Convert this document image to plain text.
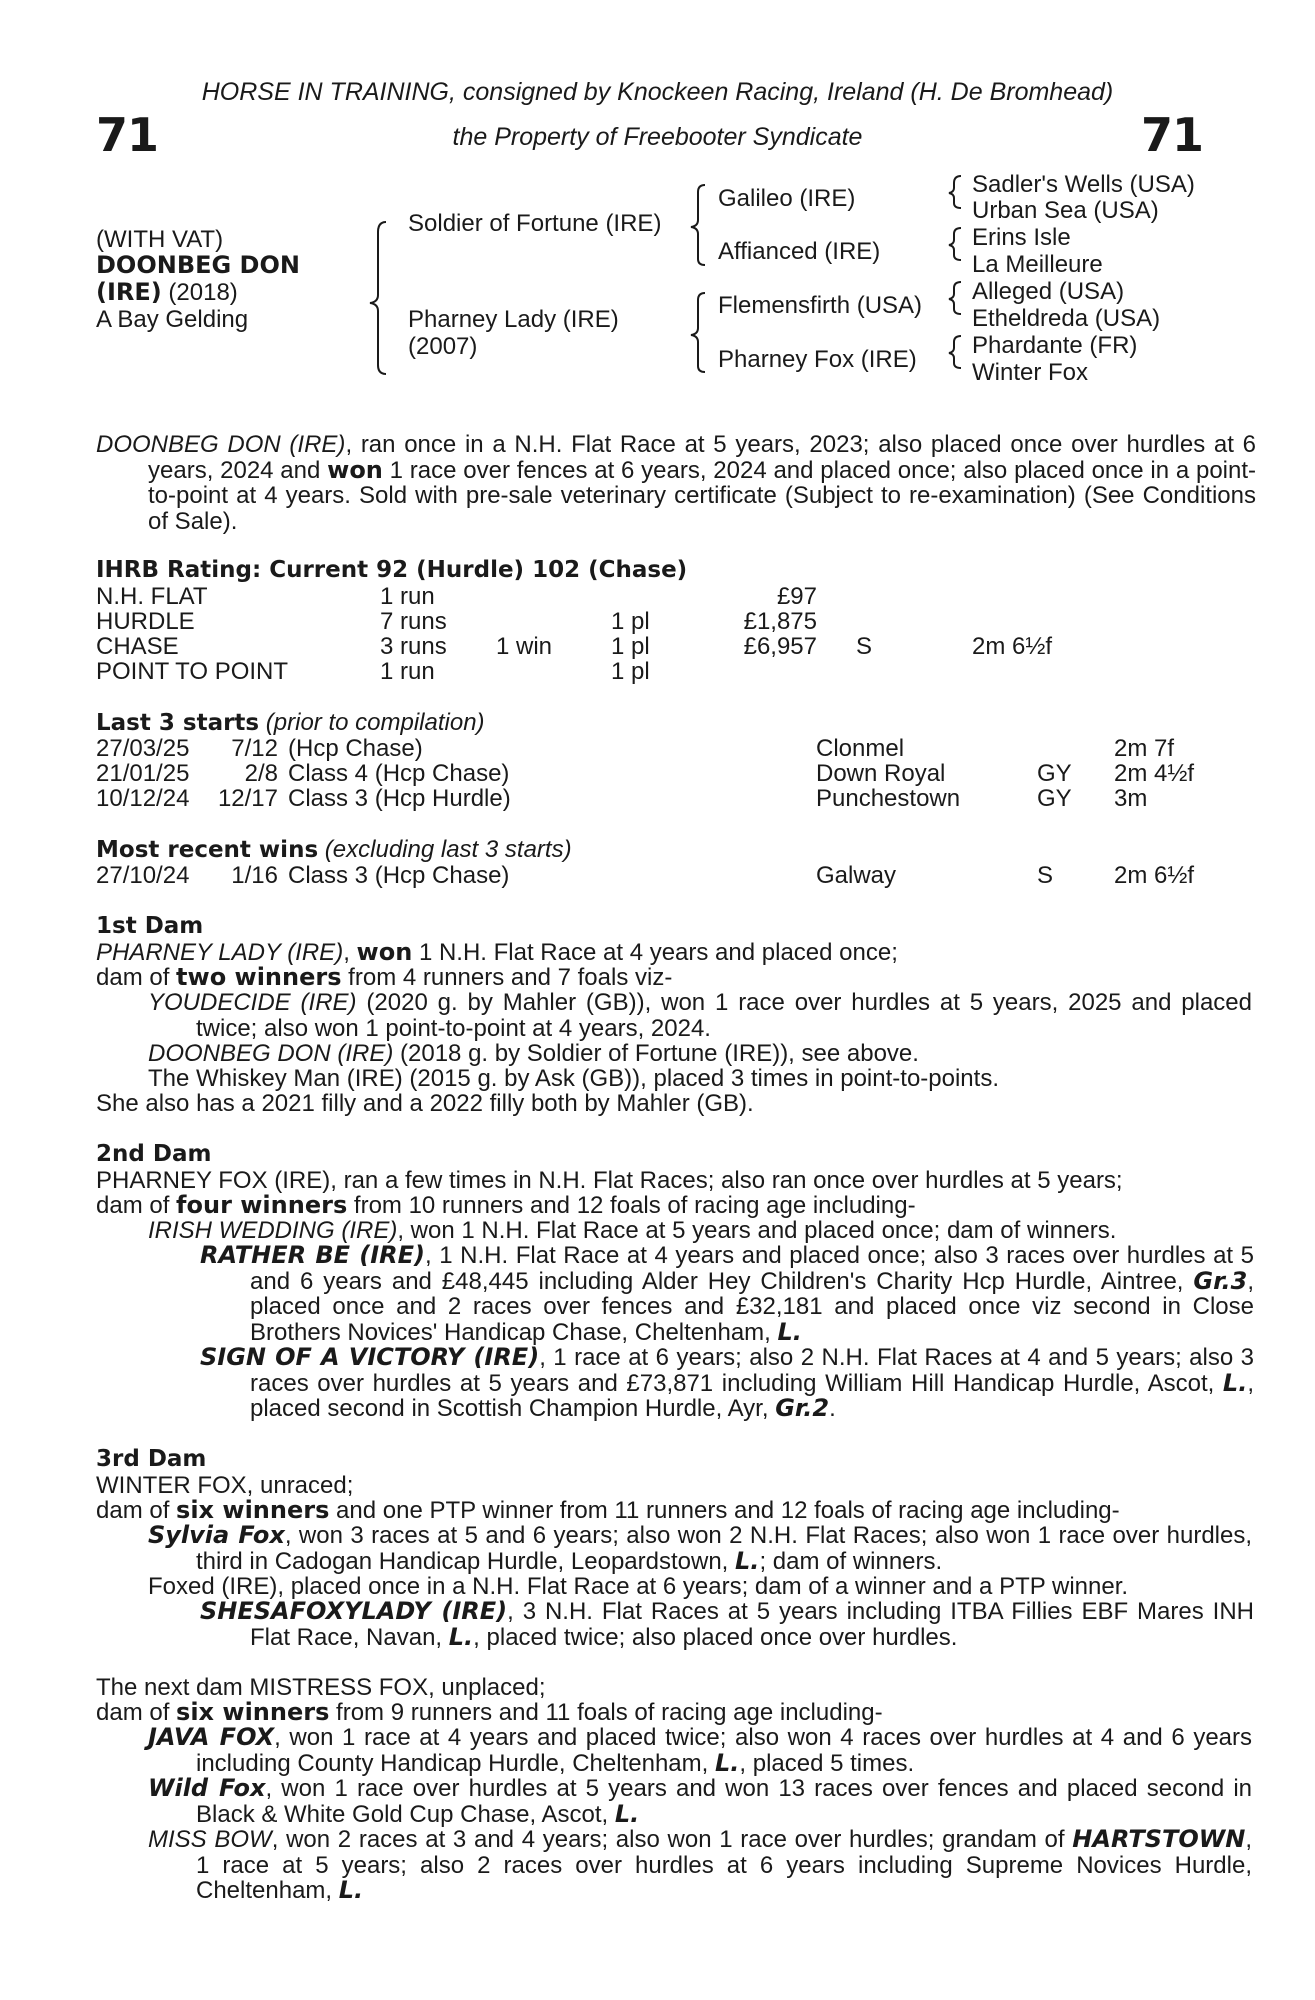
HORSE IN TRAINING, consigned by Knockeen Racing, Ireland (H. De Bromhead)
71	71
the Property of Freebooter Syndicate
(WITH VAT)
DOONBEG DON
(IRE) (2018)
A Bay Gelding
Soldier of Fortune (IRE)
Pharney Lady (IRE)
(2007)
Galileo (IRE)
Affianced (IRE)
Flemensfirth (USA)
Pharney Fox (IRE)
Sadler's Wells (USA)
Urban Sea (USA)
Erins Isle
La Meilleure
Alleged (USA)
Etheldreda (USA)
Phardante (FR)
Winter Fox
DOONBEG DON (IRE), ran once in a N.H. Flat Race at 5 years, 2023; also placed once over hurdles at 6 years, 2024 and won 1 race over fences at 6 years, 2024 and placed once; also placed once in a point-to-point at 4 years. Sold with pre-sale veterinary certificate (Subject to re-examination) (See Conditions of Sale).
IHRB Rating: Current 92 (Hurdle) 102 (Chase)
N.H. FLAT	1 run	£97
HURDLE	7 runs	1 pl	£1,875
CHASE	3 runs 1 win 1 pl	£6,957 S	2m 6½f
POINT TO POINT	1 run	1 pl
Last 3 starts (prior to compilation)
27/03/25 7/12 (Hcp Chase)	Clonmel	2m 7f
21/01/25 2/8 Class 4 (Hcp Chase)	Down Royal	GY 2m 4½f
10/12/24 12/17 Class 3 (Hcp Hurdle)	Punchestown	GY 3m
Most recent wins (excluding last 3 starts)
27/10/24 1/16 Class 3 (Hcp Chase)	Galway	S	2m 6½f
1st Dam
PHARNEY LADY (IRE), won 1 N.H. Flat Race at 4 years and placed once;
dam of two winners from 4 runners and 7 foals viz-
YOUDECIDE (IRE) (2020 g. by Mahler (GB)), won 1 race over hurdles at 5 years, 2025 and placed twice; also won 1 point-to-point at 4 years, 2024.
DOONBEG DON (IRE) (2018 g. by Soldier of Fortune (IRE)), see above.
The Whiskey Man (IRE) (2015 g. by Ask (GB)), placed 3 times in point-to-points.
She also has a 2021 filly and a 2022 filly both by Mahler (GB).
2nd Dam
PHARNEY FOX (IRE), ran a few times in N.H. Flat Races; also ran once over hurdles at 5 years;
dam of four winners from 10 runners and 12 foals of racing age including-
IRISH WEDDING (IRE), won 1 N.H. Flat Race at 5 years and placed once; dam of winners.
RATHER BE (IRE), 1 N.H. Flat Race at 4 years and placed once; also 3 races over hurdles at 5 and 6 years and £48,445 including Alder Hey Children's Charity Hcp Hurdle, Aintree, Gr.3, placed once and 2 races over fences and £32,181 and placed once viz second in Close Brothers Novices' Handicap Chase, Cheltenham, L.
SIGN OF A VICTORY (IRE), 1 race at 6 years; also 2 N.H. Flat Races at 4 and 5 years; also 3 races over hurdles at 5 years and £73,871 including William Hill Handicap Hurdle, Ascot, L., placed second in Scottish Champion Hurdle, Ayr, Gr.2.
3rd Dam
WINTER FOX, unraced;
dam of six winners and one PTP winner from 11 runners and 12 foals of racing age including-
Sylvia Fox, won 3 races at 5 and 6 years; also won 2 N.H. Flat Races; also won 1 race over hurdles, third in Cadogan Handicap Hurdle, Leopardstown, L.; dam of winners.
Foxed (IRE), placed once in a N.H. Flat Race at 6 years; dam of a winner and a PTP winner.
SHESAFOXYLADY (IRE), 3 N.H. Flat Races at 5 years including ITBA Fillies EBF Mares INH Flat Race, Navan, L., placed twice; also placed once over hurdles.
The next dam MISTRESS FOX, unplaced;
dam of six winners from 9 runners and 11 foals of racing age including-
JAVA FOX, won 1 race at 4 years and placed twice; also won 4 races over hurdles at 4 and 6 years including County Handicap Hurdle, Cheltenham, L., placed 5 times.
Wild Fox, won 1 race over hurdles at 5 years and won 13 races over fences and placed second in Black & White Gold Cup Chase, Ascot, L.
MISS BOW, won 2 races at 3 and 4 years; also won 1 race over hurdles; grandam of HARTSTOWN, 1 race at 5 years; also 2 races over hurdles at 6 years including Supreme Novices Hurdle, Cheltenham, L.
